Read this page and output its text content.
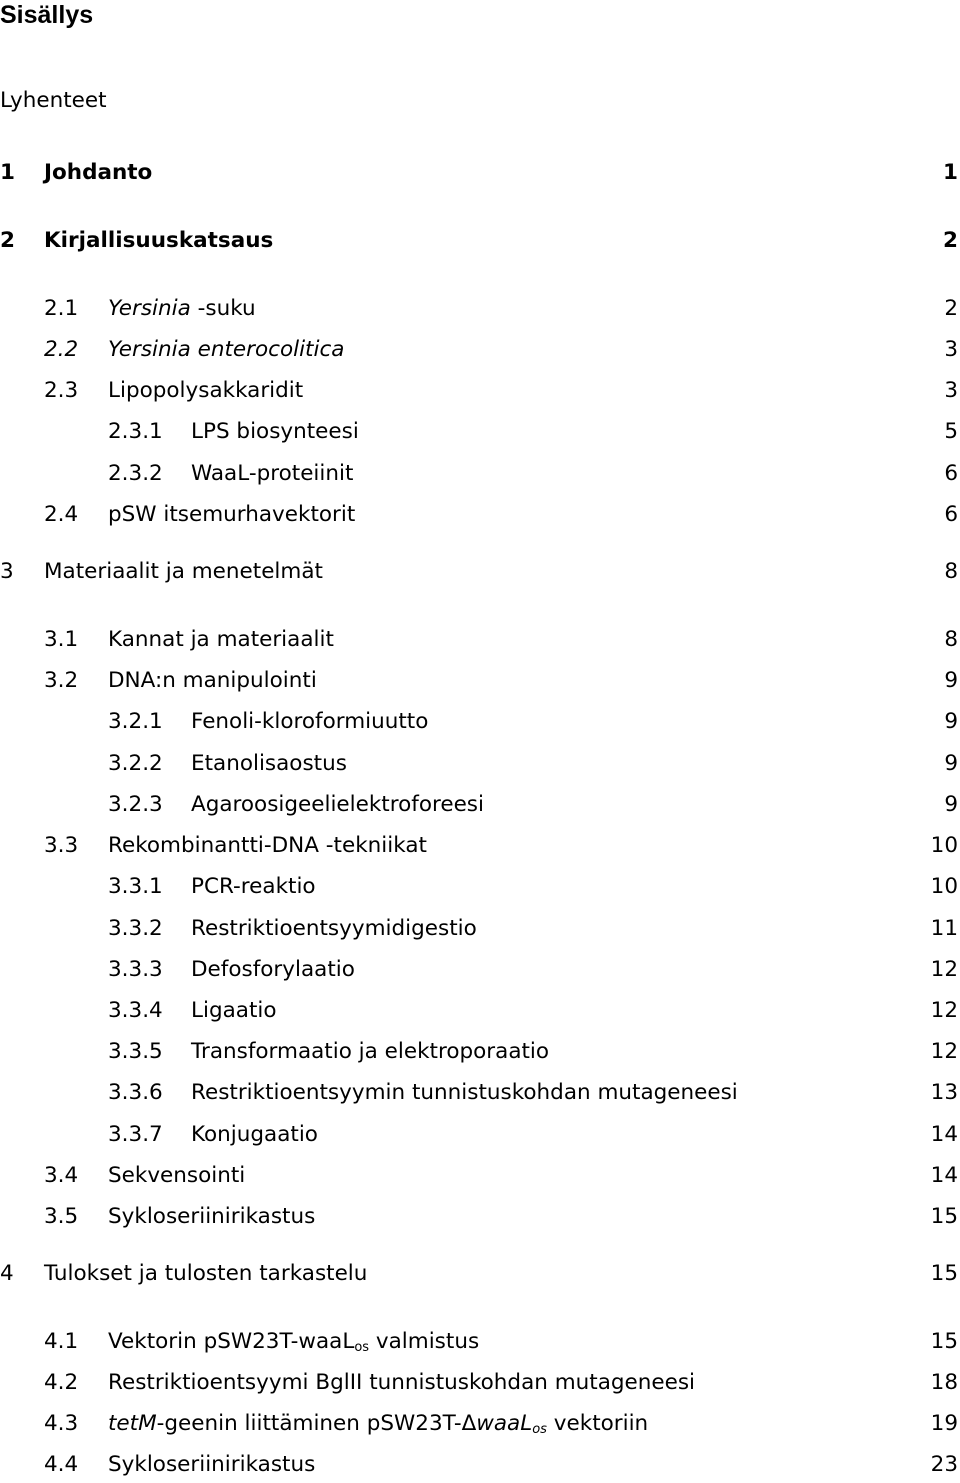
Sisällys
Lyhenteet
1 Johdanto	1
2 Kirjallisuuskatsaus	2
2.1 Yersinia -suku	2
2.2 Yersinia enterocolitica	3
2.3 Lipopolysakkaridit	3
2.3.1 LPS biosynteesi	5
2.3.2 WaaL-proteiinit	6
2.4 pSW itsemurhavektorit	6
3 Materiaalit ja menetelmät	8
3.1 Kannat ja materiaalit	8
3.2 DNA:n manipulointi	9
3.2.1 Fenoli-kloroformiuutto	9
3.2.2 Etanolisaostus	9
3.2.3 Agaroosigeelielektroforeesi	9
3.3 Rekombinantti-DNA -tekniikat	10
3.3.1 PCR-reaktio	10
3.3.2 Restriktioentsyymidigestio	11
3.3.3 Defosforylaatio	12
3.3.4 Ligaatio	12
3.3.5 Transformaatio ja elektroporaatio	12
3.3.6 Restriktioentsyymin tunnistuskohdan mutageneesi	13
3.3.7 Konjugaatio	14
3.4 Sekvensointi	14
3.5 Sykloseriinirikastus	15
4 Tulokset ja tulosten tarkastelu	15
4.1 Vektorin pSW23T-waaL$_{os}$ valmistus	15
4.2 Restriktioentsyymi BglII tunnistuskohdan mutageneesi	18
4.3 tetM-geenin liittäminen pSW23T-ΔwaaL$_{os}$ vektoriin	19
4.4 Sykloseriinirikastus	23
